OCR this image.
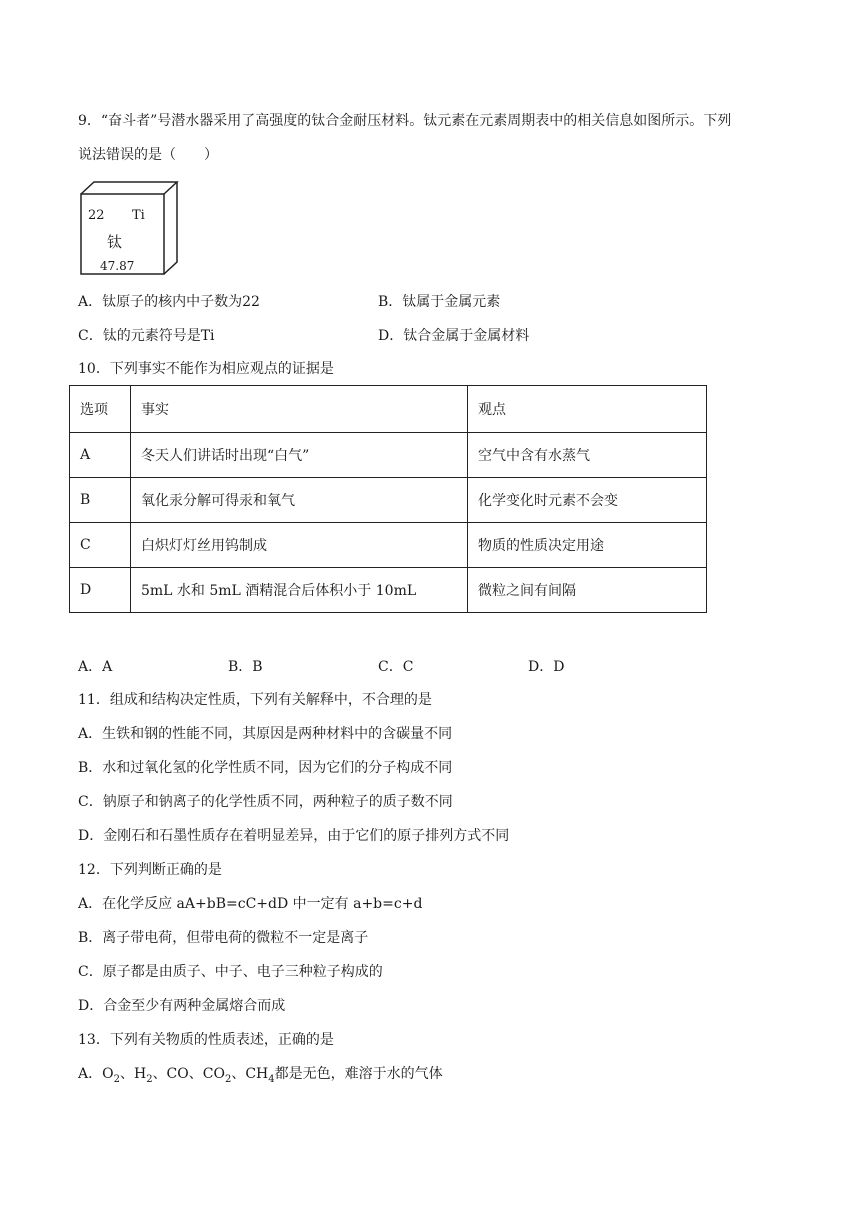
9．“奋斗者”号潜水器采用了高强度的钛合金耐压材料。钛元素在元素周期表中的相关信息如图所示。下列
说法错误的是（　　）
22 Ti
钛
47.87
A．钛原子的核内中子数为22	B．钛属于金属元素
C．钛的元素符号是Ti	D．钛合金属于金属材料
10．下列事实不能作为相应观点的证据是
选项	事实	观点
A	冬天人们讲话时出现“白气”	空气中含有水蒸气
B	氧化汞分解可得汞和氧气	化学变化时元素不会变
C	白炽灯灯丝用钨制成	物质的性质决定用途
D	5mL 水和 5mL 酒精混合后体积小于 10mL	微粒之间有间隔
A．A	B．B	C．C	D．D
11．组成和结构决定性质，下列有关解释中，不合理的是
A．生铁和钢的性能不同，其原因是两种材料中的含碳量不同
B．水和过氧化氢的化学性质不同，因为它们的分子构成不同
C．钠原子和钠离子的化学性质不同，两种粒子的质子数不同
D．金刚石和石墨性质存在着明显差异，由于它们的原子排列方式不同
12．下列判断正确的是
A．在化学反应 aA+bB=cC+dD 中一定有 a+b=c+d
B．离子带电荷，但带电荷的微粒不一定是离子
C．原子都是由质子、中子、电子三种粒子构成的
D．合金至少有两种金属熔合而成
13．下列有关物质的性质表述，正确的是
A．$O_2$、$H_2$、CO、$CO_2$、$CH_4$都是无色，难溶于水的气体
